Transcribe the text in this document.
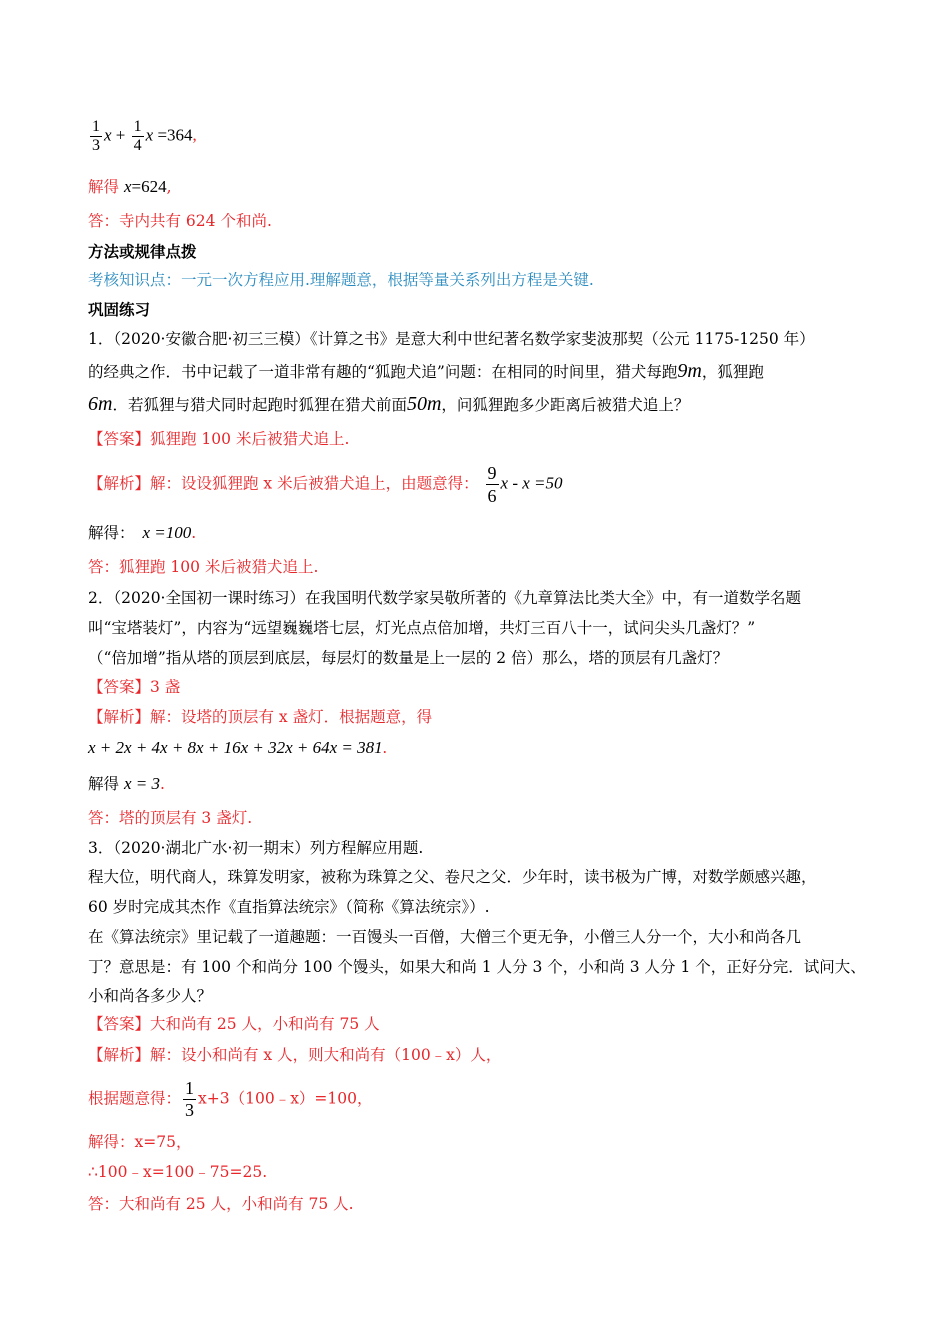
$\frac{1}{3}$ $x + \frac{1}{4}$ x =364,
解得 x=624,
答：寺内共有 624 个和尚.
方法或规律点拨
考核知识点：一元一次方程应用.理解题意，根据等量关系列出方程是关键.
巩固练习
1．（2020·安徽合肥·初三三模）《计算之书》是意大利中世纪著名数学家斐波那契（公元 1175-1250 年）
的经典之作．书中记载了一道非常有趣的“狐跑犬追”问题：在相同的时间里，猎犬每跑9m，狐狸跑
6m．若狐狸与猎犬同时起跑时狐狸在猎犬前面50m，问狐狸跑多少距离后被猎犬追上？
【答案】狐狸跑 100 米后被猎犬追上.
【解析】解：设设狐狸跑 x 米后被猎犬追上，由题意得： $\frac{9}{6}$ x - x =50
解得： x =100.
答：狐狸跑 100 米后被猎犬追上.
2．（2020·全国初一课时练习）在我国明代数学家吴敬所著的《九章算法比类大全》中，有一道数学名题
叫“宝塔装灯”，内容为“远望巍巍塔七层，灯光点点倍加增，共灯三百八十一，试问尖头几盏灯？”
（“倍加增”指从塔的顶层到底层，每层灯的数量是上一层的 2 倍）那么，塔的顶层有几盏灯？
【答案】3 盏
【解析】解：设塔的顶层有 x 盏灯．根据题意，得
x + 2x + 4x + 8x + 16x + 32x + 64x = 381.
解得 x = 3.
答：塔的顶层有 3 盏灯.
3．（2020·湖北广水·初一期末）列方程解应用题.
程大位，明代商人，珠算发明家，被称为珠算之父、卷尺之父．少年时，读书极为广博，对数学颇感兴趣，
60 岁时完成其杰作《直指算法统宗》（简称《算法统宗》）.
在《算法统宗》里记载了一道趣题：一百馒头一百僧，大僧三个更无争，小僧三人分一个，大小和尚各几
丁？意思是：有 100 个和尚分 100 个馒头，如果大和尚 1 人分 3 个，小和尚 3 人分 1 个，正好分完．试问大、
小和尚各多少人？
【答案】大和尚有 25 人，小和尚有 75 人
【解析】解：设小和尚有 x 人，则大和尚有（100﹣x）人，
根据题意得： $\frac{1}{3}$ x+3（100﹣x）=100，
解得：x=75，
∴100﹣x=100﹣75=25.
答：大和尚有 25 人，小和尚有 75 人.
